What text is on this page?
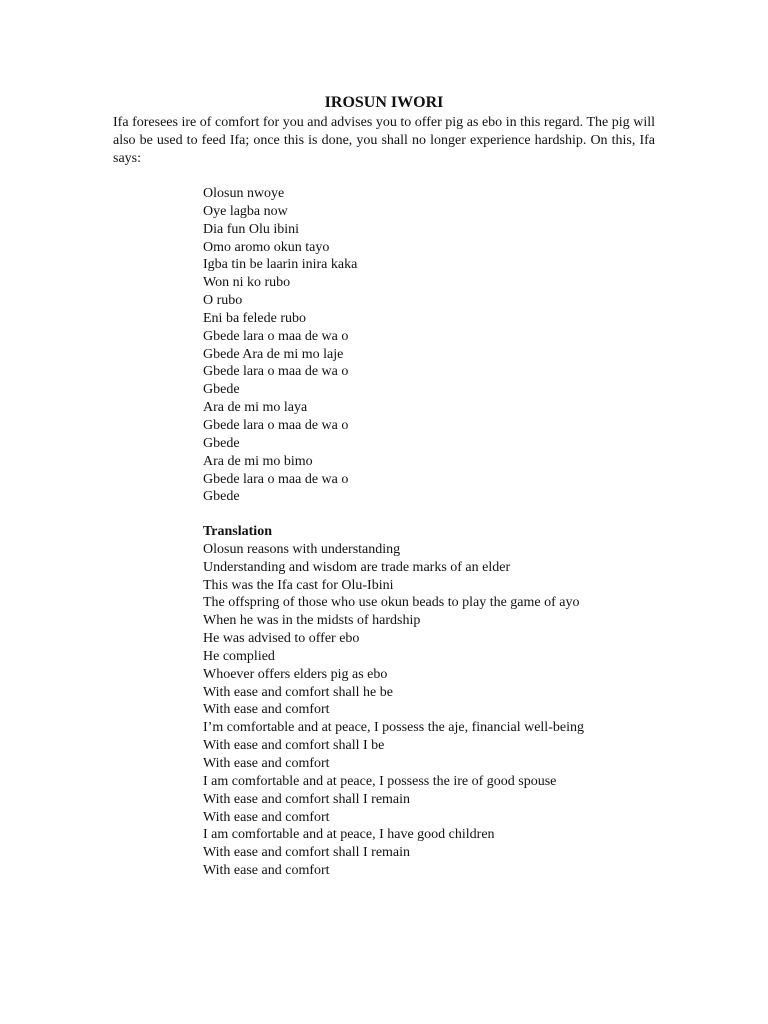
IROSUN IWORI
Ifa foresees ire of comfort for you and advises you to offer pig as ebo in this regard. The pig will also be used to feed Ifa; once this is done, you shall no longer experience hardship. On this, Ifa says:
Olosun nwoye
Oye lagba now
Dia fun Olu ibini
Omo aromo okun tayo
Igba tin be laarin inira kaka
Won ni ko rubo
O rubo
Eni ba felede rubo
Gbede lara o maa de wa o
Gbede Ara de mi mo laje
Gbede lara o maa de wa o
Gbede
Ara de mi mo laya
Gbede lara o maa de wa o
Gbede
Ara de mi mo bimo
Gbede lara o maa de wa o
Gbede
Translation
Olosun reasons with understanding
Understanding and wisdom are trade marks of an elder
This was the Ifa cast for Olu-Ibini
The offspring of those who use okun beads to play the game of ayo
When he was in the midsts of hardship
He was advised to offer ebo
He complied
Whoever offers elders pig as ebo
With ease and comfort shall he be
With ease and comfort
I’m comfortable and at peace, I possess the aje, financial well-being
With ease and comfort shall I be
With ease and comfort
I am comfortable and at peace, I possess the ire of good spouse
With ease and comfort shall I remain
With ease and comfort
I am comfortable and at peace, I have good children
With ease and comfort shall I remain
With ease and comfort
